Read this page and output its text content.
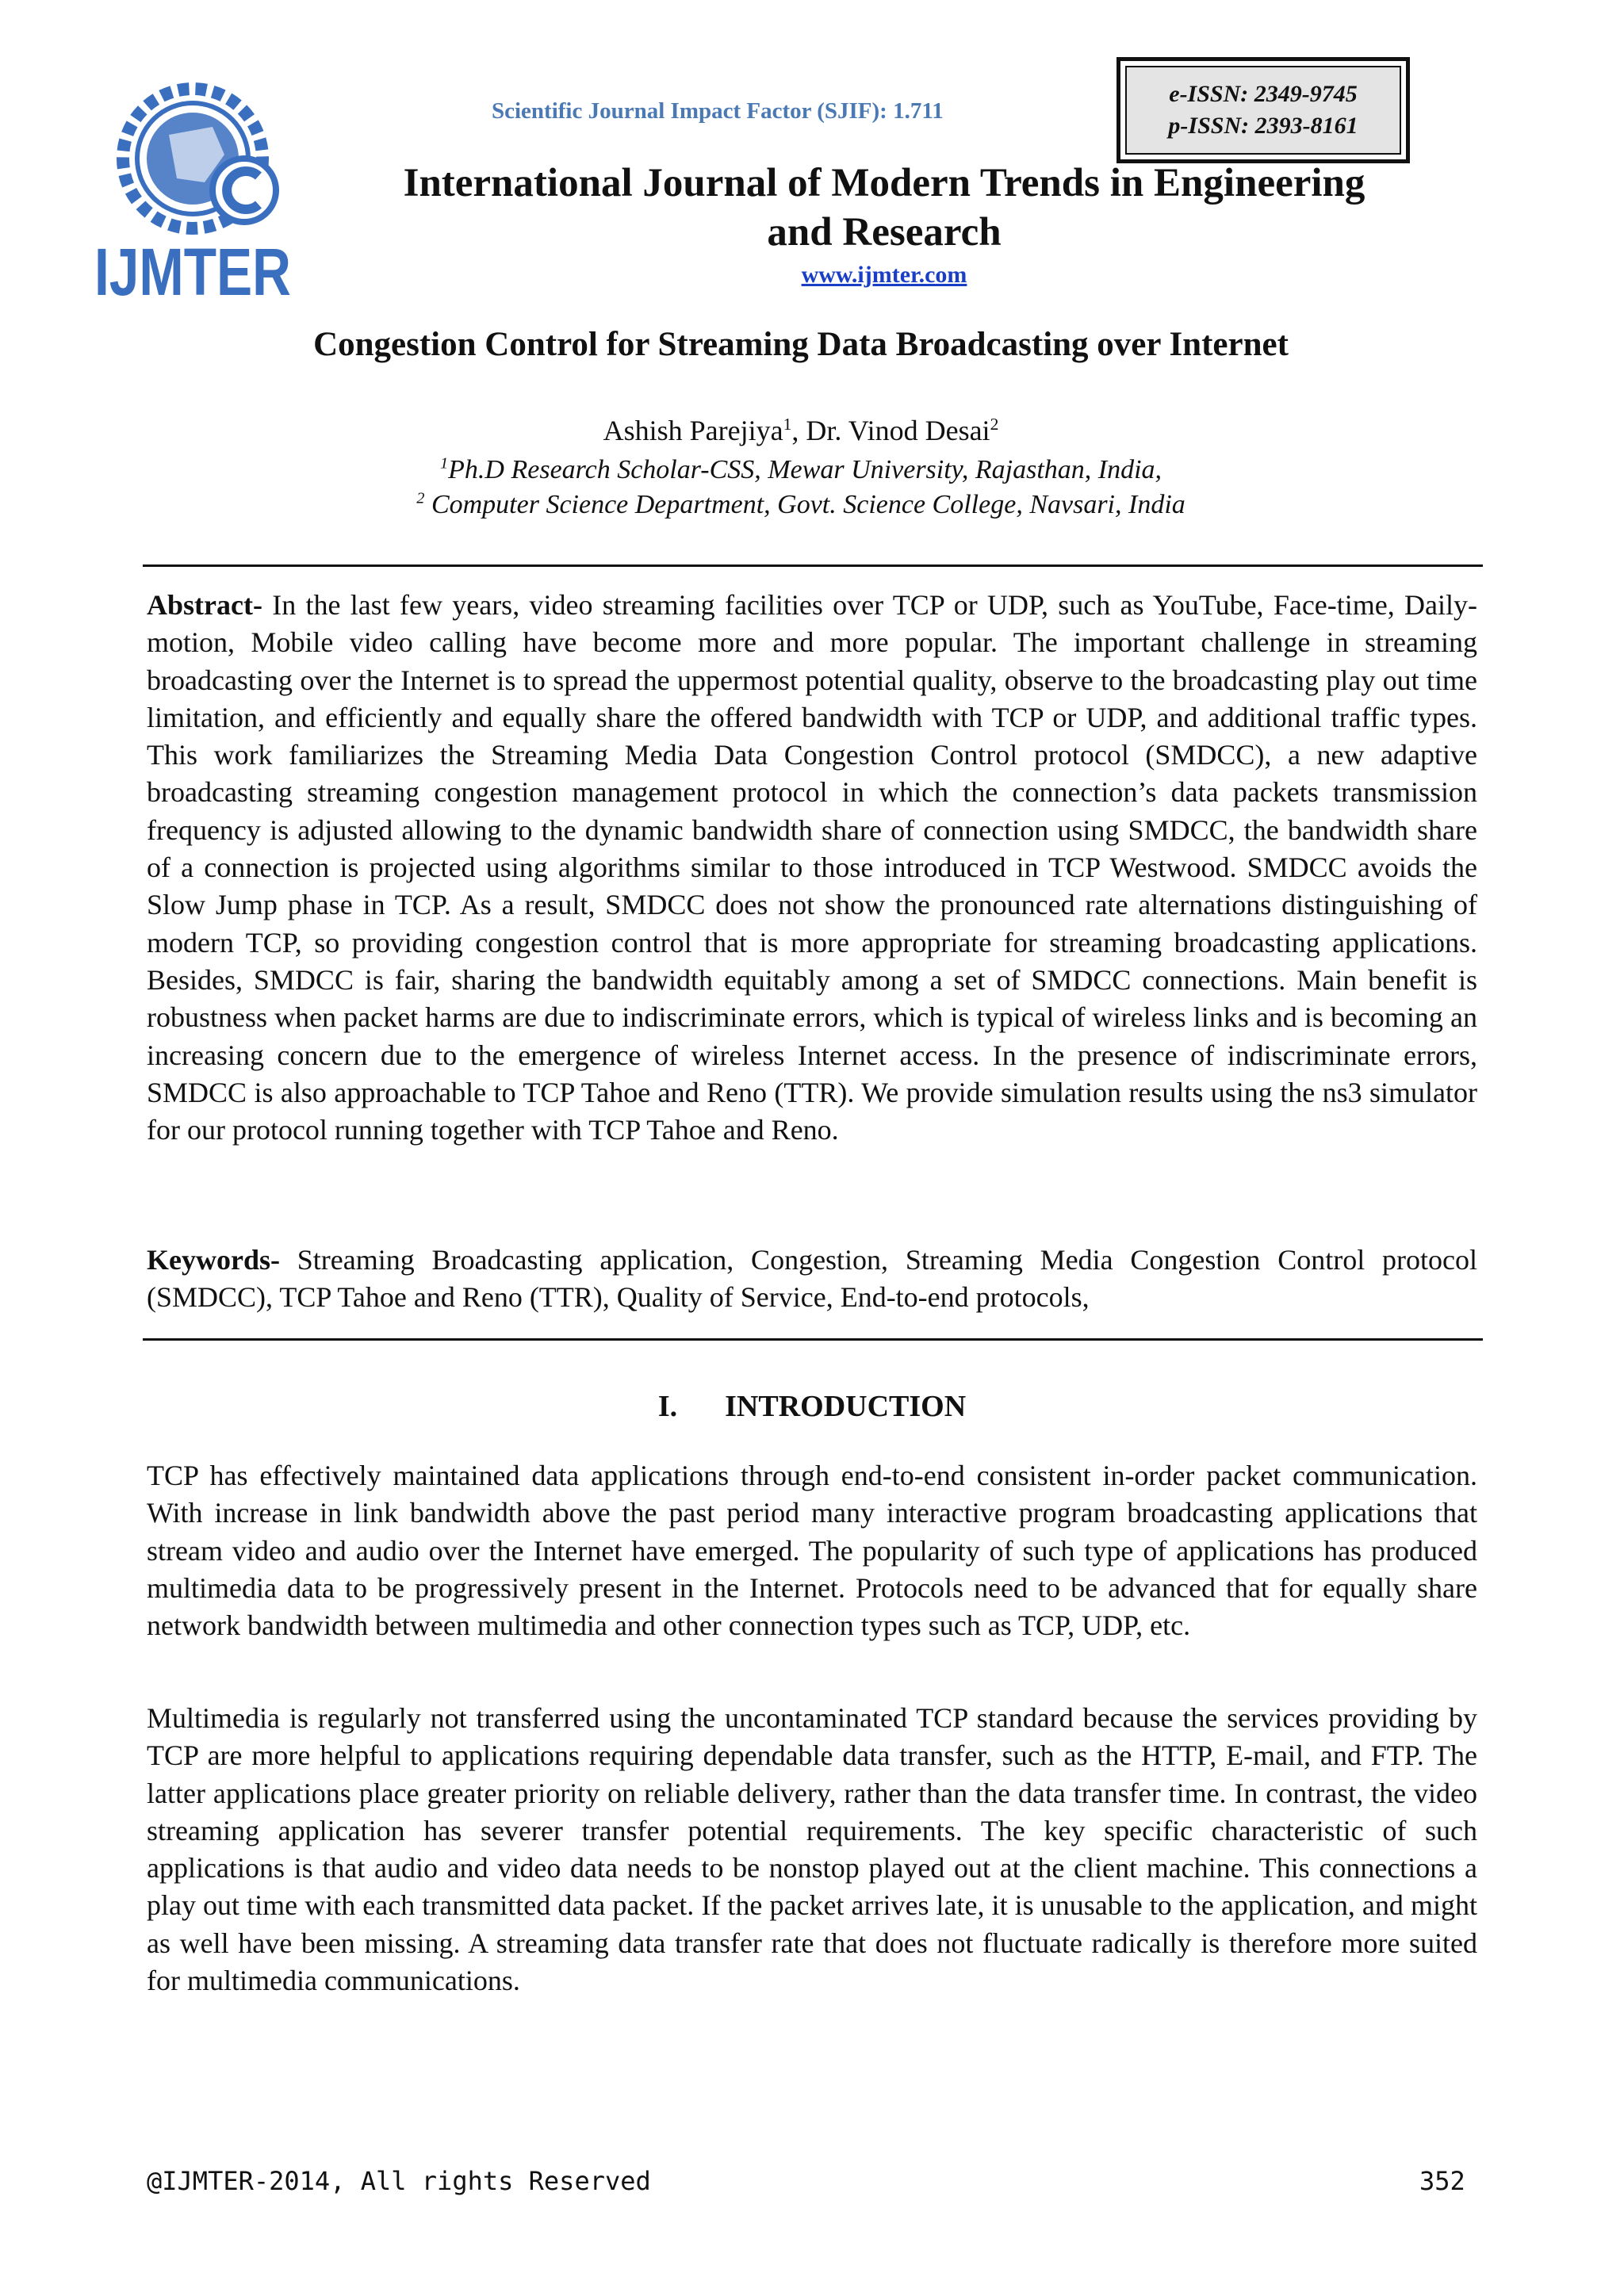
IJMTER
Scientific Journal Impact Factor (SJIF): 1.711
e-ISSN: 2349-9745
p-ISSN: 2393-8161
International Journal of Modern Trends in Engineering
and Research
www.ijmter.com
Congestion Control for Streaming Data Broadcasting over Internet
Ashish Parejiya$^1$, Dr. Vinod Desai$^2$
$^1$Ph.D Research Scholar-CSS, Mewar University, Rajasthan, India,
$^2$ Computer Science Department, Govt. Science College, Navsari, India
Abstract- In the last few years, video streaming facilities over TCP or UDP, such as YouTube, Face-time, Daily-motion, Mobile video calling have become more and more popular. The important challenge in streaming broadcasting over the Internet is to spread the uppermost potential quality, observe to the broadcasting play out time limitation, and efficiently and equally share the offered bandwidth with TCP or UDP, and additional traffic types. This work familiarizes the Streaming Media Data Congestion Control protocol (SMDCC), a new adaptive broadcasting streaming congestion management protocol in which the connection’s data packets transmission frequency is adjusted allowing to the dynamic bandwidth share of connection using SMDCC, the bandwidth share of a connection is projected using algorithms similar to those introduced in TCP Westwood. SMDCC avoids the Slow Jump phase in TCP. As a result, SMDCC does not show the pronounced rate alternations distinguishing of modern TCP, so providing congestion control that is more appropriate for streaming broadcasting applications. Besides, SMDCC is fair, sharing the bandwidth equitably among a set of SMDCC connections. Main benefit is robustness when packet harms are due to indiscriminate errors, which is typical of wireless links and is becoming an increasing concern due to the emergence of wireless Internet access. In the presence of indiscriminate errors, SMDCC is also approachable to TCP Tahoe and Reno (TTR). We provide simulation results using the ns3 simulator for our protocol running together with TCP Tahoe and Reno.
Keywords- Streaming Broadcasting application, Congestion, Streaming Media Congestion Control protocol (SMDCC), TCP Tahoe and Reno (TTR), Quality of Service, End-to-end protocols,
I. INTRODUCTION
TCP has effectively maintained data applications through end-to-end consistent in-order packet communication. With increase in link bandwidth above the past period many interactive program broadcasting applications that stream video and audio over the Internet have emerged. The popularity of such type of applications has produced multimedia data to be progressively present in the Internet. Protocols need to be advanced that for equally share network bandwidth between multimedia and other connection types such as TCP, UDP, etc.
Multimedia is regularly not transferred using the uncontaminated TCP standard because the services providing by TCP are more helpful to applications requiring dependable data transfer, such as the HTTP, E-mail, and FTP. The latter applications place greater priority on reliable delivery, rather than the data transfer time. In contrast, the video streaming application has severer transfer potential requirements. The key specific characteristic of such applications is that audio and video data needs to be nonstop played out at the client machine. This connections a play out time with each transmitted data packet. If the packet arrives late, it is unusable to the application, and might as well have been missing. A streaming data transfer rate that does not fluctuate radically is therefore more suited for multimedia communications.
@IJMTER-2014, All rights Reserved	352
